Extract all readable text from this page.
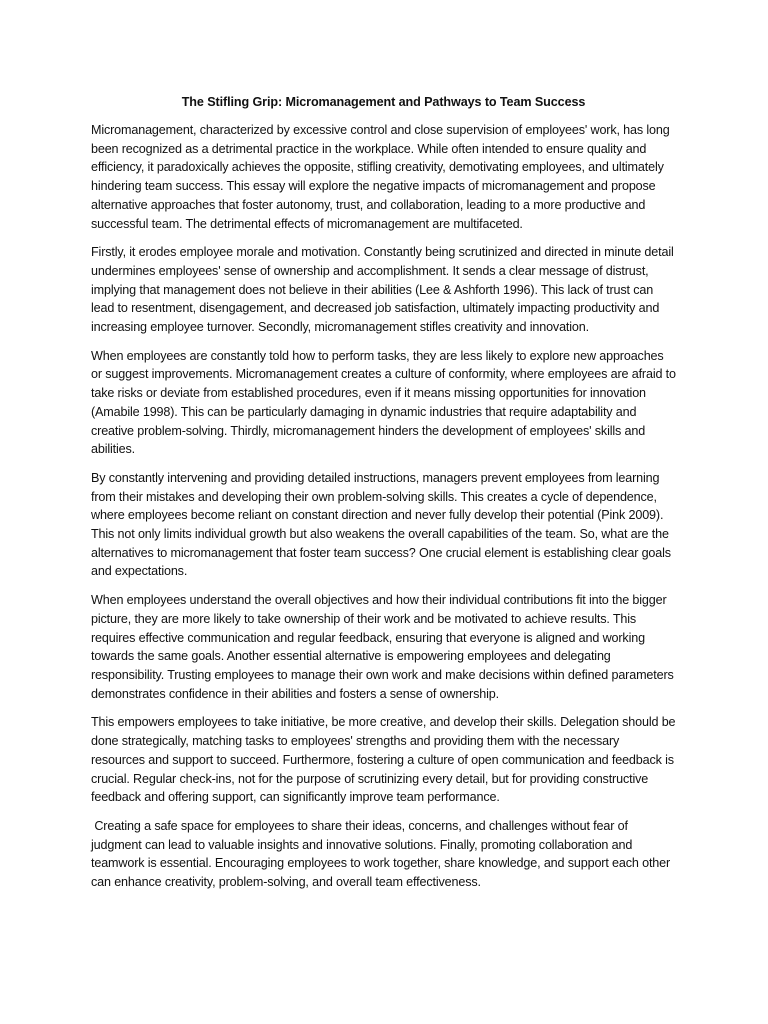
The Stifling Grip: Micromanagement and Pathways to Team Success

Micromanagement, characterized by excessive control and close supervision of employees' work, has long been recognized as a detrimental practice in the workplace. While often intended to ensure quality and efficiency, it paradoxically achieves the opposite, stifling creativity, demotivating employees, and ultimately hindering team success. This essay will explore the negative impacts of micromanagement and propose alternative approaches that foster autonomy, trust, and collaboration, leading to a more productive and successful team. The detrimental effects of micromanagement are multifaceted.

Firstly, it erodes employee morale and motivation. Constantly being scrutinized and directed in minute detail undermines employees' sense of ownership and accomplishment. It sends a clear message of distrust, implying that management does not believe in their abilities (Lee & Ashforth 1996). This lack of trust can lead to resentment, disengagement, and decreased job satisfaction, ultimately impacting productivity and increasing employee turnover. Secondly, micromanagement stifles creativity and innovation.

When employees are constantly told how to perform tasks, they are less likely to explore new approaches or suggest improvements. Micromanagement creates a culture of conformity, where employees are afraid to take risks or deviate from established procedures, even if it means missing opportunities for innovation (Amabile 1998). This can be particularly damaging in dynamic industries that require adaptability and creative problem-solving. Thirdly, micromanagement hinders the development of employees' skills and abilities.

By constantly intervening and providing detailed instructions, managers prevent employees from learning from their mistakes and developing their own problem-solving skills. This creates a cycle of dependence, where employees become reliant on constant direction and never fully develop their potential (Pink 2009). This not only limits individual growth but also weakens the overall capabilities of the team. So, what are the alternatives to micromanagement that foster team success? One crucial element is establishing clear goals and expectations.

When employees understand the overall objectives and how their individual contributions fit into the bigger picture, they are more likely to take ownership of their work and be motivated to achieve results. This requires effective communication and regular feedback, ensuring that everyone is aligned and working towards the same goals. Another essential alternative is empowering employees and delegating responsibility. Trusting employees to manage their own work and make decisions within defined parameters demonstrates confidence in their abilities and fosters a sense of ownership.

This empowers employees to take initiative, be more creative, and develop their skills. Delegation should be done strategically, matching tasks to employees' strengths and providing them with the necessary resources and support to succeed. Furthermore, fostering a culture of open communication and feedback is crucial. Regular check-ins, not for the purpose of scrutinizing every detail, but for providing constructive feedback and offering support, can significantly improve team performance.

Creating a safe space for employees to share their ideas, concerns, and challenges without fear of judgment can lead to valuable insights and innovative solutions. Finally, promoting collaboration and teamwork is essential. Encouraging employees to work together, share knowledge, and support each other can enhance creativity, problem-solving, and overall team effectiveness.
